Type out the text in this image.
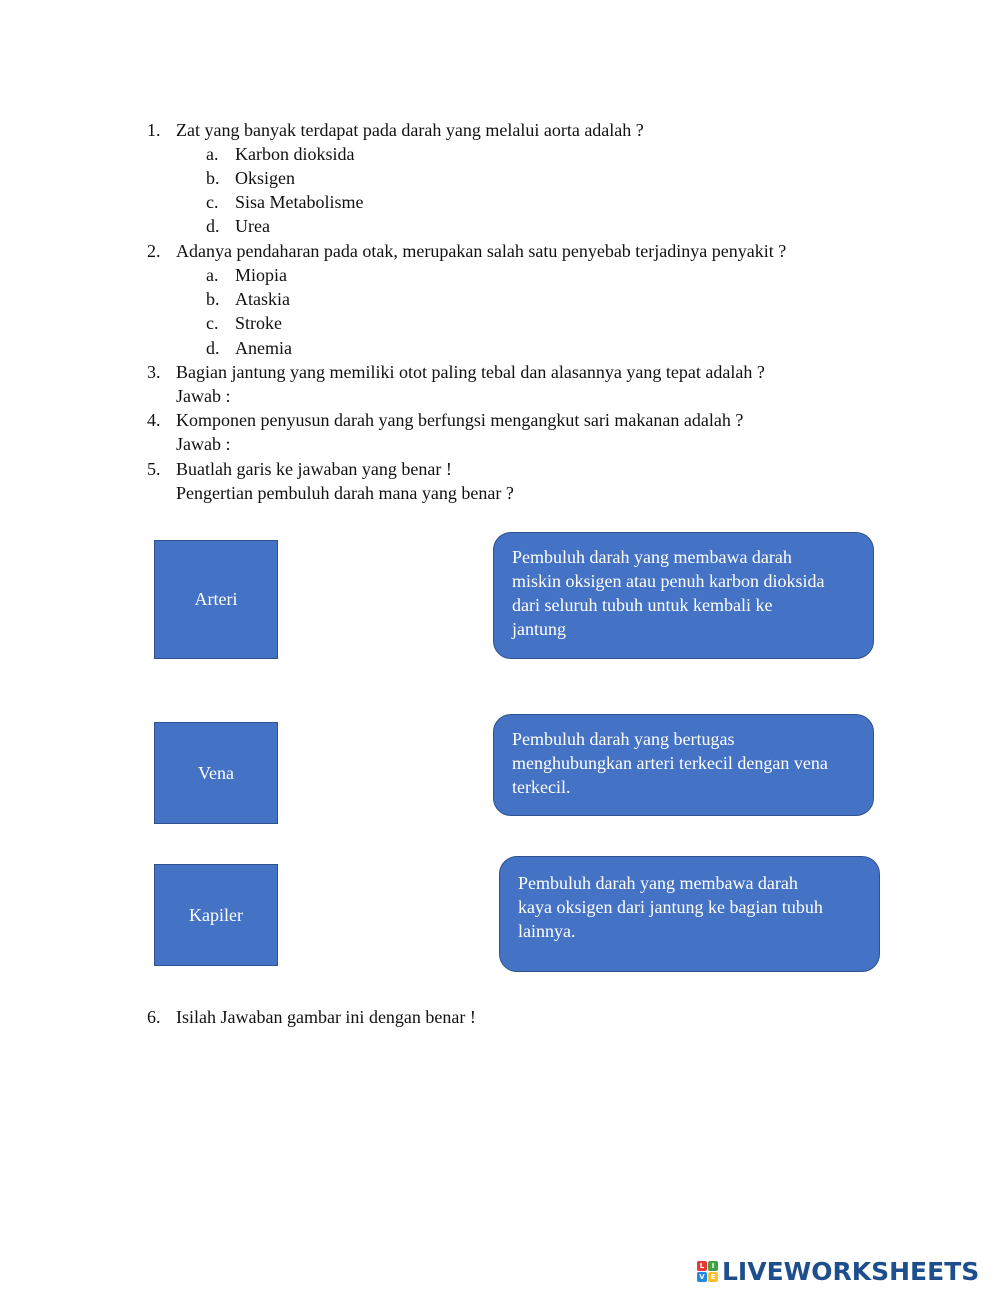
1. Zat yang banyak terdapat pada darah yang melalui aorta adalah ?
a. Karbon dioksida
b. Oksigen
c. Sisa Metabolisme
d. Urea
2. Adanya pendaharan pada otak, merupakan salah satu penyebab terjadinya penyakit ?
a. Miopia
b. Ataskia
c. Stroke
d. Anemia
3. Bagian jantung yang memiliki otot paling tebal dan alasannya yang tepat adalah ?
Jawab :
4. Komponen penyusun darah yang berfungsi mengangkut sari makanan adalah ?
Jawab :
5. Buatlah garis ke jawaban yang benar !
Pengertian pembuluh darah mana yang benar ?
Arteri
Vena
Kapiler
Pembuluh darah yang membawa darah
miskin oksigen atau penuh karbon dioksida
dari seluruh tubuh untuk kembali ke
jantung
Pembuluh darah yang bertugas
menghubungkan arteri terkecil dengan vena
terkecil.
Pembuluh darah yang membawa darah
kaya oksigen dari jantung ke bagian tubuh
lainnya.
6. Isilah Jawaban gambar ini dengan benar !
L	I
V E LIVEWORKSHEETS
